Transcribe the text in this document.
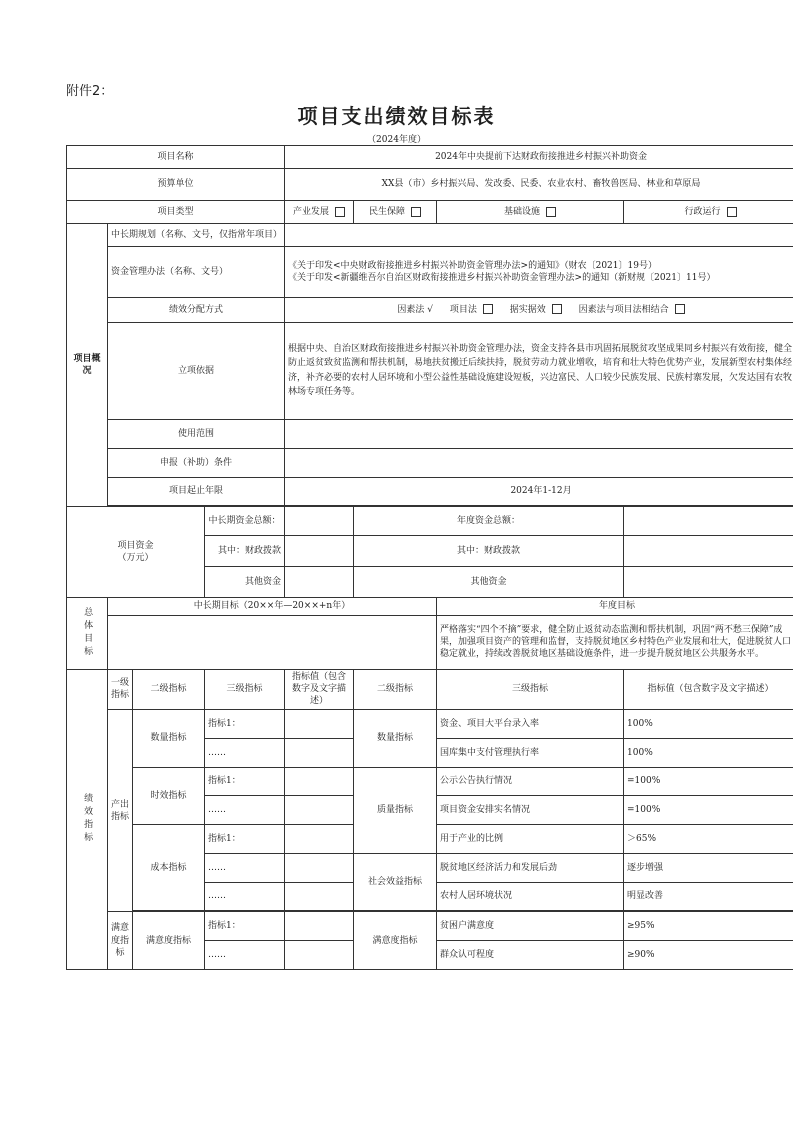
附件2：
项目支出绩效目标表
（2024年度）
项目名称				2024年中央提前下达财政衔接推进乡村振兴补助资金			
预算单位				XX县（市）乡村振兴局、发改委、民委、农业农村、畜牧兽医局、林业和草原局			
项目类型				产业发展	民生保障	基础设施	行政运行
项目概况	中长期规划（名称、文号，仅指常年项目）						
	资金管理办法（名称、文号）			《关于印发<中央财政衔接推进乡村振兴补助资金管理办法>的通知》（财农〔2021〕19号）
《关于印发<新疆维吾尔自治区财政衔接推进乡村振兴补助资金管理办法>的通知（新财规〔2021〕11号）			

	绩效分配方式			因素法 √ 项目法 据实据效 因素法与项目法相结合			
	立项依据			根据中央、自治区财政衔接推进乡村振兴补助资金管理办法，资金支持各县市巩固拓展脱贫攻坚成果同乡村振兴有效衔接，健全防止返贫致贫监测和帮扶机制，易地扶贫搬迁后续扶持，脱贫劳动力就业增收，培育和壮大特色优势产业，发展新型农村集体经济，补齐必要的农村人居环境和小型公益性基础设施建设短板，兴边富民、人口较少民族发展、民族村寨发展，欠发达国有农牧林场专项任务等。			
	使用范围						
	申报（补助）条件						
	项目起止年限			2024年1-12月			

项目资金
（万元）			中长期资金总额：		年度资金总额：		
			其中：财政拨款		其中：财政拨款		
			其他资金		其他资金		

总体目标	中长期目标（20××年—20××+n年）					年度目标	
						严格落实“四个不摘”要求，健全防止返贫动态监测和帮扶机制，巩固“两不愁三保障”成果，加强项目资产的管理和监督，支持脱贫地区乡村特色产业发展和壮大，促进脱贫人口稳定就业，持续改善脱贫地区基础设施条件，进一步提升脱贫地区公共服务水平。	

绩效指标	一级指标	二级指标	三级指标	指标值（包含数字及文字描述）	二级指标	三级指标	指标值（包含数字及文字描述）
	产出指标	数量指标	指标1：		数量指标	资金、项目大平台录入率	100%
			……			国库集中支付管理执行率	100%
		时效指标	指标1：		质量指标	公示公告执行情况	=100%
			……			项目资金安排实名情况	=100%
		成本指标	指标1：			用于产业的比例	＞65%
			……		社会效益指标	脱贫地区经济活力和发展后劲	逐步增强
			……			农村人居环境状况	明显改善

	满意度指标	满意度指标	指标1：		满意度指标	贫困户满意度	≥95%
			……			群众认可程度	≥90%
